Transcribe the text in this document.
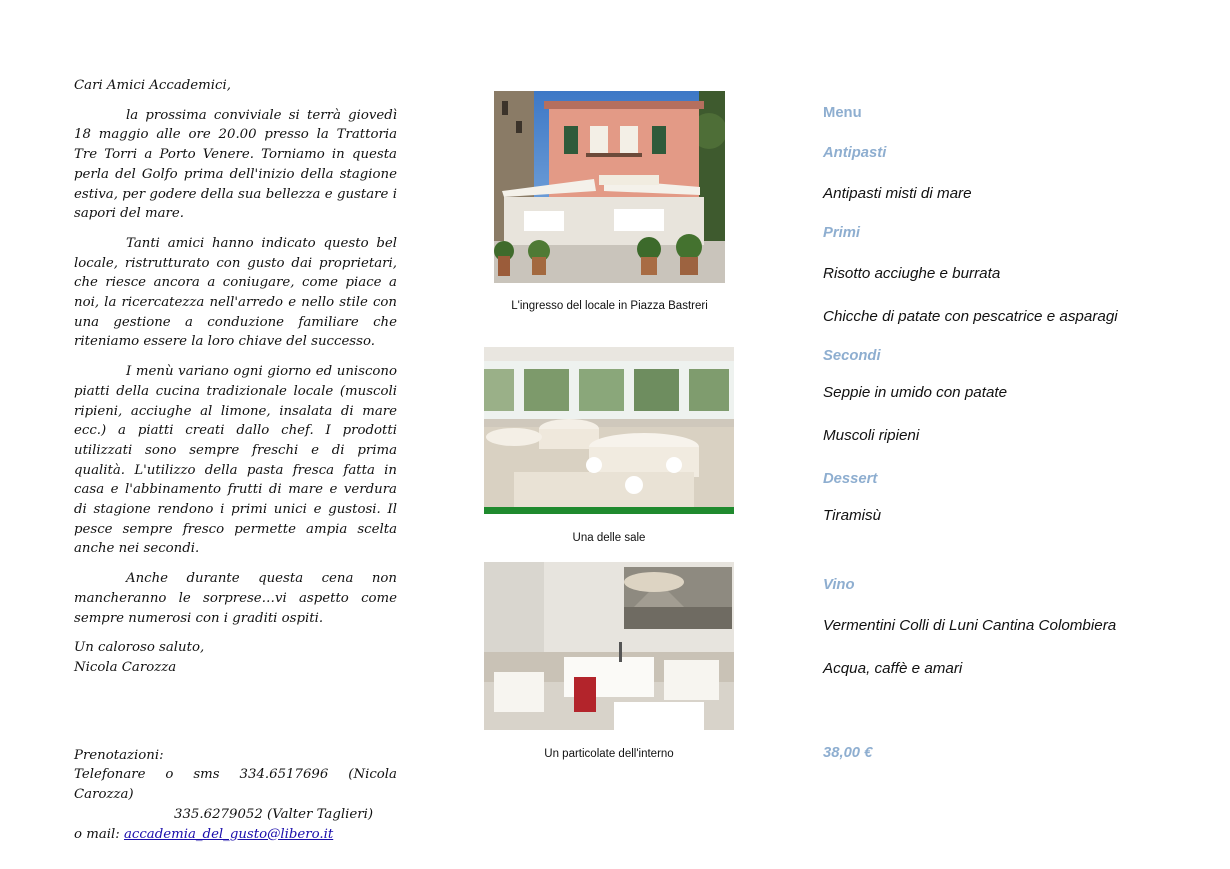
Cari Amici Accademici,

la prossima conviviale si terrà giovedì 18 maggio alle ore 20.00 presso la Trattoria Tre Torri a Porto Venere. Torniamo in questa perla del Golfo prima dell'inizio della stagione estiva, per godere della sua bellezza e gustare i sapori del mare.

Tanti amici hanno indicato questo bel locale, ristrutturato con gusto dai proprietari, che riesce ancora a coniugare, come piace a noi, la ricercatezza nell'arredo e nello stile con una gestione a conduzione familiare che riteniamo essere la loro chiave del successo.

I menù variano ogni giorno ed uniscono piatti della cucina tradizionale locale (muscoli ripieni, acciughe al limone, insalata di mare ecc.) a piatti creati dallo chef. I prodotti utilizzati sono sempre freschi e di prima qualità. L'utilizzo della pasta fresca fatta in casa e l'abbinamento frutti di mare e verdura di stagione rendono i primi unici e gustosi. Il pesce sempre fresco permette ampia scelta anche nei secondi.

Anche durante questa cena non mancheranno le sorprese…vi aspetto come sempre numerosi con i graditi ospiti.

Un caloroso saluto,

Nicola Carozza

Prenotazioni:

Telefonare o sms 334.6517696 (Nicola Carozza)

335.6279052 (Valter Taglieri)

o mail: accademia_del_gusto@libero.it

L'ingresso del locale in Piazza Bastreri
Una delle sale
Un particolate dell'interno
Menu
Antipasti
Antipasti misti di mare
Primi
Risotto acciughe e burrata
Chicche di patate con pescatrice e asparagi
Secondi
Seppie in umido con patate
Muscoli ripieni
Dessert
Tiramisù
Vino
Vermentini Colli di Luni Cantina Colombiera
Acqua, caffè e amari
38,00 €
